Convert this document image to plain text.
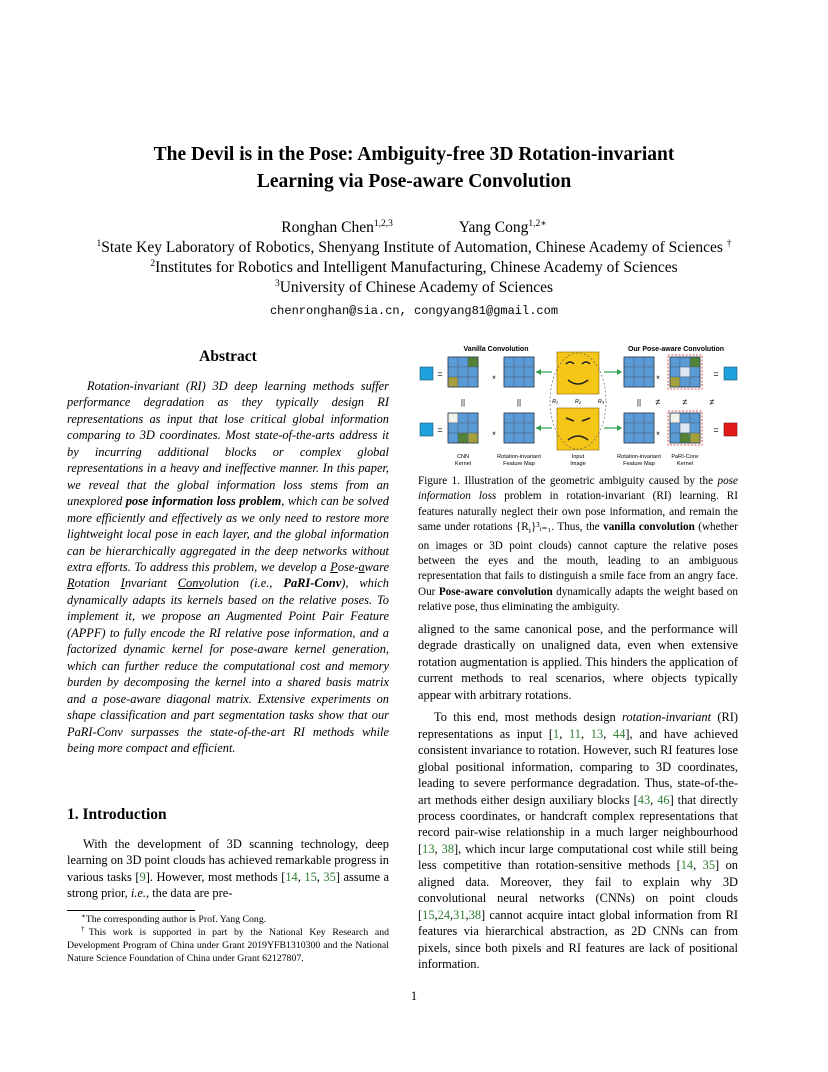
The Devil is in the Pose: Ambiguity-free 3D Rotation-invariant
Learning via Pose-aware Convolution
Ronghan Chen$^{1,2,3}$	Yang Cong$^{1,2∗}$
$^1$State Key Laboratory of Robotics, Shenyang Institute of Automation, Chinese Academy of Sciences †
$^2$Institutes for Robotics and Intelligent Manufacturing, Chinese Academy of Sciences
$^3$University of Chinese Academy of Sciences
chenronghan@sia.cn, congyang81@gmail.com
Abstract

Rotation-invariant (RI) 3D deep learning methods suffer performance degradation as they typically design RI representations as input that lose critical global information comparing to 3D coordinates. Most state-of-the-arts address it by incurring additional blocks or complex global representations in a heavy and ineffective manner. In this paper, we reveal that the global information loss stems from an unexplored pose information loss problem, which can be solved more efficiently and effectively as we only need to restore more lightweight local pose in each layer, and the global information can be hierarchically aggregated in the deep networks without extra efforts. To address this problem, we develop a Pose-aware Rotation Invariant Convolution (i.e., PaRI-Conv), which dynamically adapts its kernels based on the relative poses. To implement it, we propose an Augmented Point Pair Feature (APPF) to fully encode the RI relative pose information, and a factorized dynamic kernel for pose-aware kernel generation, which can further reduce the computational cost and memory burden by decomposing the kernel into a shared basis matrix and a pose-aware diagonal matrix. Extensive experiments on shape classification and part segmentation tasks show that our PaRI-Conv surpasses the state-of-the-art RI methods while being more compact and efficient.

1. Introduction

With the development of 3D scanning technology, deep learning on 3D point clouds has achieved remarkable progress in various tasks [9]. However, most methods [14, 15, 35] assume a strong prior, i.e., the data are pre-

∗The corresponding author is Prof. Yang Cong.

†This work is supported in part by the National Key Research and Development Program of China under Grant 2019YFB1310300 and the National Nature Science Foundation of China under Grant 62127807.

Vanilla Convolution	Our Pose-aware Convolution
=
=
*
*
*
*
=
=
||	||	R₁	R₂	R₃	|| ≠ ≠ ≠
CNN
Kernel
Rotation-invariant
Feature Map
Input
Image
Rotation-invariant
Feature Map
PaRI-Conv
Kernel

Figure 1. Illustration of the geometric ambiguity caused by the pose information loss problem in rotation-invariant (RI) learning. RI features naturally neglect their own pose information, and remain the same under rotations $\{R_i\}^3ᵢ_{=1}$. Thus, the vanilla convolution (whether on images or 3D point clouds) cannot capture the relative poses between the eyes and the mouth, leading to an ambiguous representation that fails to distinguish a smile face from an angry face. Our Pose-aware convolution dynamically adapts the weight based on relative pose, thus eliminating the ambiguity.

aligned to the same canonical pose, and the performance will degrade drastically on unaligned data, even when extensive rotation augmentation is applied. This hinders the application of current methods to real scenarios, where objects typically appear with arbitrary rotations.

To this end, most methods design rotation-invariant (RI) representations as input [1, 11, 13, 44], and have achieved consistent invariance to rotation. However, such RI features lose global positional information, comparing to 3D coordinates, leading to severe performance degradation. Thus, state-of-the-art methods either design auxiliary blocks [43, 46] that directly process coordinates, or handcraft complex representations that record pair-wise relationship in a much larger neighbourhood [13, 38], which incur large computational cost while still being less competitive than rotation-sensitive methods [14, 35] on aligned data. Moreover, they fail to explain why 3D convolutional neural networks (CNNs) on point clouds [15,24,31,38] cannot acquire intact global information from RI features via hierarchical abstraction, as 2D CNNs can from pixels, since both pixels and RI features are lack of positional information.

1
